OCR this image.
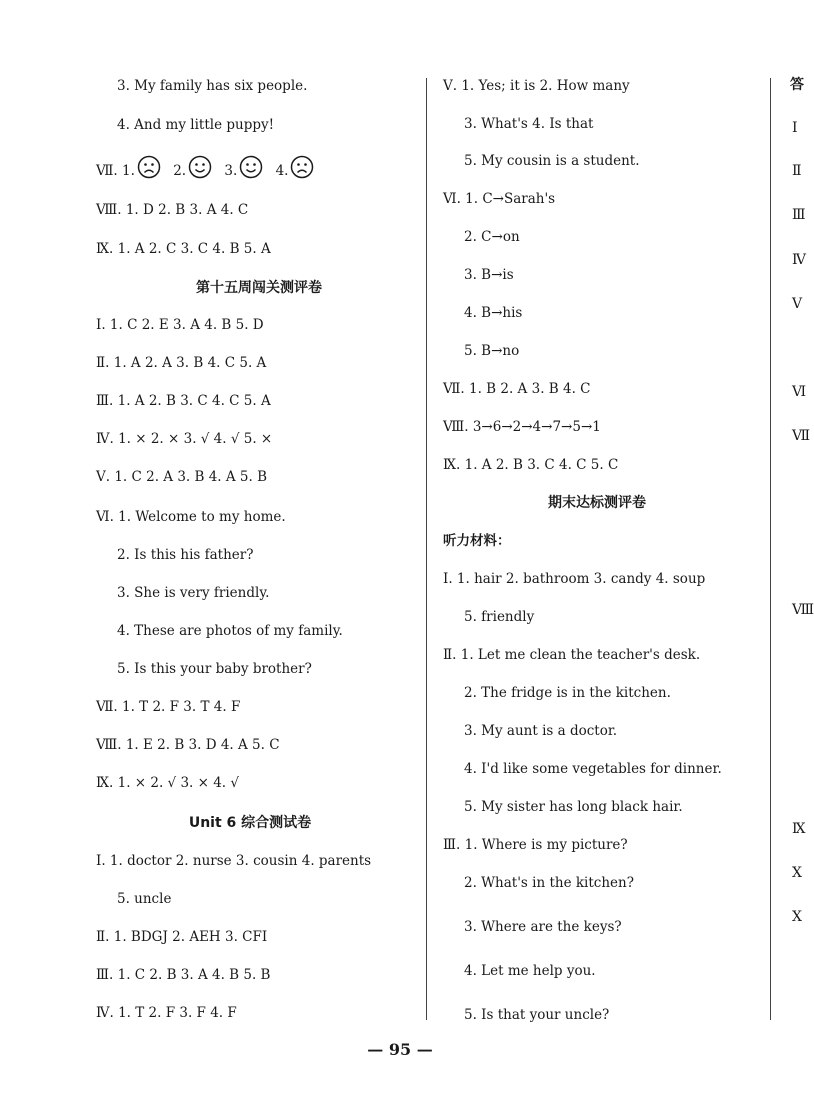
3. My family has six people.
4. And my little puppy!
Ⅶ. 1.	2.	3.	4.
Ⅷ. 1. D 2. B 3. A 4. C
Ⅸ. 1. A 2. C 3. C 4. B 5. A
第十五周闯关测评卷
Ⅰ. 1. C 2. E 3. A 4. B 5. D
Ⅱ. 1. A 2. A 3. B 4. C 5. A
Ⅲ. 1. A 2. B 3. C 4. C 5. A
Ⅳ. 1. × 2. × 3. √ 4. √ 5. ×
Ⅴ. 1. C 2. A 3. B 4. A 5. B
Ⅵ. 1. Welcome to my home.
2. Is this his father?
3. She is very friendly.
4. These are photos of my family.
5. Is this your baby brother?
Ⅶ. 1. T 2. F 3. T 4. F
Ⅷ. 1. E 2. B 3. D 4. A 5. C
Ⅸ. 1. × 2. √ 3. × 4. √
Unit 6 综合测试卷
Ⅰ. 1. doctor 2. nurse 3. cousin 4. parents
5. uncle
Ⅱ. 1. BDGJ 2. AEH 3. CFI
Ⅲ. 1. C 2. B 3. A 4. B 5. B
Ⅳ. 1. T 2. F 3. F 4. F
Ⅴ. 1. Yes; it is 2. How many
3. What's 4. Is that
5. My cousin is a student.
Ⅵ. 1. C→Sarah's
2. C→on
3. B→is
4. B→his
5. B→no
Ⅶ. 1. B 2. A 3. B 4. C
Ⅷ. 3→6→2→4→7→5→1
Ⅸ. 1. A 2. B 3. C 4. C 5. C
期末达标测评卷
听力材料：
Ⅰ. 1. hair 2. bathroom 3. candy 4. soup
5. friendly
Ⅱ. 1. Let me clean the teacher's desk.
2. The fridge is in the kitchen.
3. My aunt is a doctor.
4. I'd like some vegetables for dinner.
5. My sister has long black hair.
Ⅲ. 1. Where is my picture?
2. What's in the kitchen?
3. Where are the keys?
4. Let me help you.
5. Is that your uncle?
答
Ⅰ
Ⅱ
Ⅲ
Ⅳ
Ⅴ
Ⅵ
Ⅶ
Ⅷ
Ⅸ
Ⅹ
Ⅹ
— 95 —
